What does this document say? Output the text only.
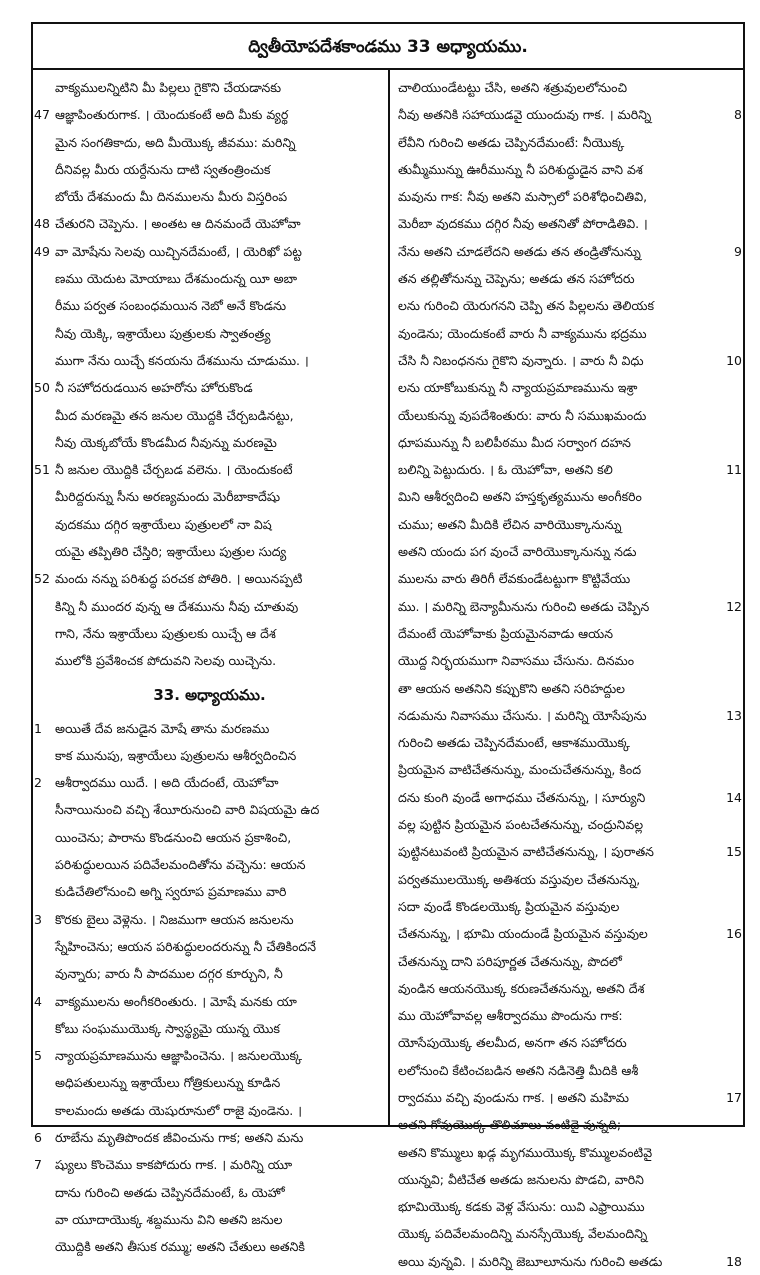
ద్వితీయోపదేశకాండము 33 అధ్యాయము.
వాక్యములన్నిటిని మీ పిల్లలు గైకొని చేయడానకు
47 ఆజ్ఞాపింతురుగాక. । యెందుకంటే అది మీకు వ్యర్థ
మైన సంగతికాదు, అది మీయొక్క జీవము: మరిన్ని
దీనివల్ల మీరు యర్దేనును దాటి స్వతంత్రించుక
బోయే దేశమందు మీ దినములను మీరు విస్తరింప
48 చేతురని చెప్పెను. । అంతట ఆ దినమందే యెహోవా
49 వా మోషేను సెలవు యిచ్చినదేమంటే, । యెరిఖో పట్ట
ణము యెదుట మోయాబు దేశమందున్న యీ అబా
రీము పర్వత సంబంధమయిన నెబో అనే కొండను
నీవు యెక్కి, ఇశ్రాయేలు పుత్రులకు స్వాతంత్ర్య
ముగా నేను యిచ్చే కనయను దేశమును చూడుము. ।
50 నీ సహోదరుడయిన అహరోను హోరుకొండ
మీద మరణమై తన జనుల యొద్దకి చేర్చబడినట్టు,
నీవు యెక్కబోయే కొండమీద నీవున్ను మరణమై
51 నీ జనుల యొద్దికి చేర్చబడ వలెను. । యెందుకంటే
మీరిద్దరున్ను సీను అరణ్యమందు మెరీబాకాదేషు
వుదకము దగ్గిర ఇశ్రాయేలు పుత్రులలో నా విష
యమై తప్పితిరి చేస్తిరి; ఇశ్రాయేలు పుత్రుల సుద్య
52 మందు నన్ను పరిశుద్ధ పరచక పోతిరి. । అయినప్పటి
కిన్ని నీ ముందర వున్న ఆ దేశమును నీవు చూతువు
గాని, నేను ఇశ్రాయేలు పుత్రులకు యిచ్చే ఆ దేశ
ములోకి ప్రవేశించక పోదువని సెలవు యిచ్చెను.
33. అధ్యాయము.
1	అయితే దేవ జనుడైన మోషే తాను మరణము
కాక మునుపు, ఇశ్రాయేలు పుత్రులను ఆశీర్వదించిన
2	ఆశీర్వాదము యిదే. । అది యేదంటే, యెహోవా
సీనాయినుంచి వచ్చి శేయీరునుంచి వారి విషయమై ఉద
యించెను; పారాను కొండనుంచి ఆయన ప్రకాశించి,
పరిశుద్ధులయిన పదివేలమందితోను వచ్చెను: ఆయన
కుడిచేతిలోనుంచి అగ్ని స్వరూప ప్రమాణము వారి
3	కొరకు బైలు వెళ్లెను. । నిజముగా ఆయన జనులను
స్నేహించెను; ఆయన పరిశుద్ధులందరున్ను నీ చేతికిందనే
వున్నారు; వారు నీ పాదముల దగ్గర కూర్చుని, నీ
4	వాక్యములను అంగీకరింతురు. । మోషే మనకు యా
కోబు సంఘముయొక్క స్వాస్థ్యమై యున్న యొక
5	న్యాయప్రమాణమును ఆజ్ఞాపించెను. । జనులయొక్క
అధిపతులున్ను ఇశ్రాయేలు గోత్రికులున్ను కూడిన
కాలమందు అతడు యెషురూనులో రాజై వుండెను. ।
6	రూబేను మృతిపొందక జీవించును గాక; అతని మను
7	ష్యులు కొంచెము కాకపోదురు గాక. । మరిన్ని యూ
దాను గురించి అతడు చెప్పినదేమంటే, ఓ యెహో
వా యూదాయొక్క శబ్దమును విని అతని జనుల
యొద్దికి అతని తీసుక రమ్ము; అతని చేతులు అతనికి
చాలియుండేటట్టు చేసి, అతని శత్రువులలోనుంచి
8
నీవు అతనికి సహాయుడవై యుందువు గాక. । మరిన్ని
లేవీని గురించి అతడు చెప్పినదేమంటే: నీయొక్క
తుమ్మీమున్ను ఊరీమున్ను నీ పరిశుద్ధుడైన వాని వశ
మవును గాక: నీవు అతని మస్సాలో పరిశోధించితివి,
మెరీబా వుదకము దగ్గిర నీవు అతనితో పోరాడితివి. ।
9
నేను అతని చూడలేదని అతడు తన తండ్రితోనున్ను
తన తల్లితోనున్ను చెప్పెను; అతడు తన సహోదరు
లను గురించి యెరుగనని చెప్పి తన పిల్లలను తెలియక
వుండెను; యెందుకంటే వారు నీ వాక్యమును భద్రము
10
చేసి నీ నిబంధనను గైకొని వున్నారు. । వారు నీ విధు
లను యాకోబుకున్ను నీ న్యాయప్రమాణమును ఇశ్రా
యేలుకున్ను వుపదేశింతురు: వారు నీ సముఖమందు
ధూపమున్ను నీ బలిపీఠము మీద సర్వాంగ దహన
11
బలిన్ని పెట్టుదురు. । ఓ యెహోవా, అతని కలి
మిని ఆశీర్వదించి అతని హస్తకృత్యమును అంగీకరిం
చుము; అతని మీదికి లేచిన వారియొక్కానున్ను
అతని యందు పగ వుంచే వారియొక్కానున్ను నడు
ములను వారు తిరిగీ లేవకుండేటట్టుగా కొట్టివేయు
12
ము. । మరిన్ని బెన్యామీనును గురించి అతడు చెప్పిన
దేమంటే యెహోవాకు ప్రియమైనవాడు ఆయన
యొద్ద నిర్భయముగా నివాసము చేసును. దినమం
తా ఆయన అతనిని కప్పుకొని అతని సరిహద్దుల
13
నడుమను నివాసము చేసును. । మరిన్ని యోసేపును
గురించి అతడు చెప్పినదేమంటే, ఆకాశముయొక్క
ప్రియమైన వాటిచేతనున్ను, మంచుచేతనున్ను, కింద
14
దను కుంగి వుండే అగాధము చేతనున్ను, । సూర్యుని
వల్ల పుట్టిన ప్రియమైన పంటచేతనున్ను, చంద్రునివల్ల
15
పుట్టినటువంటి ప్రియమైన వాటిచేతనున్ను, । పురాతన
పర్వతములయొక్క అతిశయ వస్తువుల చేతనున్ను,
సదా వుండే కొండలయొక్క ప్రియమైన వస్తువుల
16
చేతనున్ను, । భూమి యందుండే ప్రియమైన వస్తువుల
చేతనున్ను దాని పరిపూర్ణత చేతనున్ను, పొదలో
వుండిన ఆయనయొక్క కరుణచేతనున్ను, అతని దేశ
ము యెహోవావల్ల ఆశీర్వాదము పొందును గాక:
యోసేపుయొక్క తలమీద, అనగా తన సహోదరు
లలోనుంచి కేటించబడిన అతని నడినెత్తి మీదికి ఆశీ
17
ర్వాదము వచ్చి వుండును గాక. । అతని మహిమ
అతని గోవుయొక్క తొలిచూలు వంటిదై వున్నది;
అతని కొమ్ములు ఖడ్గ మృగముయొక్క కొమ్ములవంటివై
యున్నవి; వీటిచేత అతడు జనులను పొడచి, వారిని
భూమియొక్క కడకు వెళ్ల వేసును: యివి ఎఫ్రాయిము
యొక్క పదివేలమందిన్ని మనస్సేయొక్క వేలమందిన్ని
18
అయి వున్నవి. । మరిన్ని జెబూలూనును గురించి అతడు
